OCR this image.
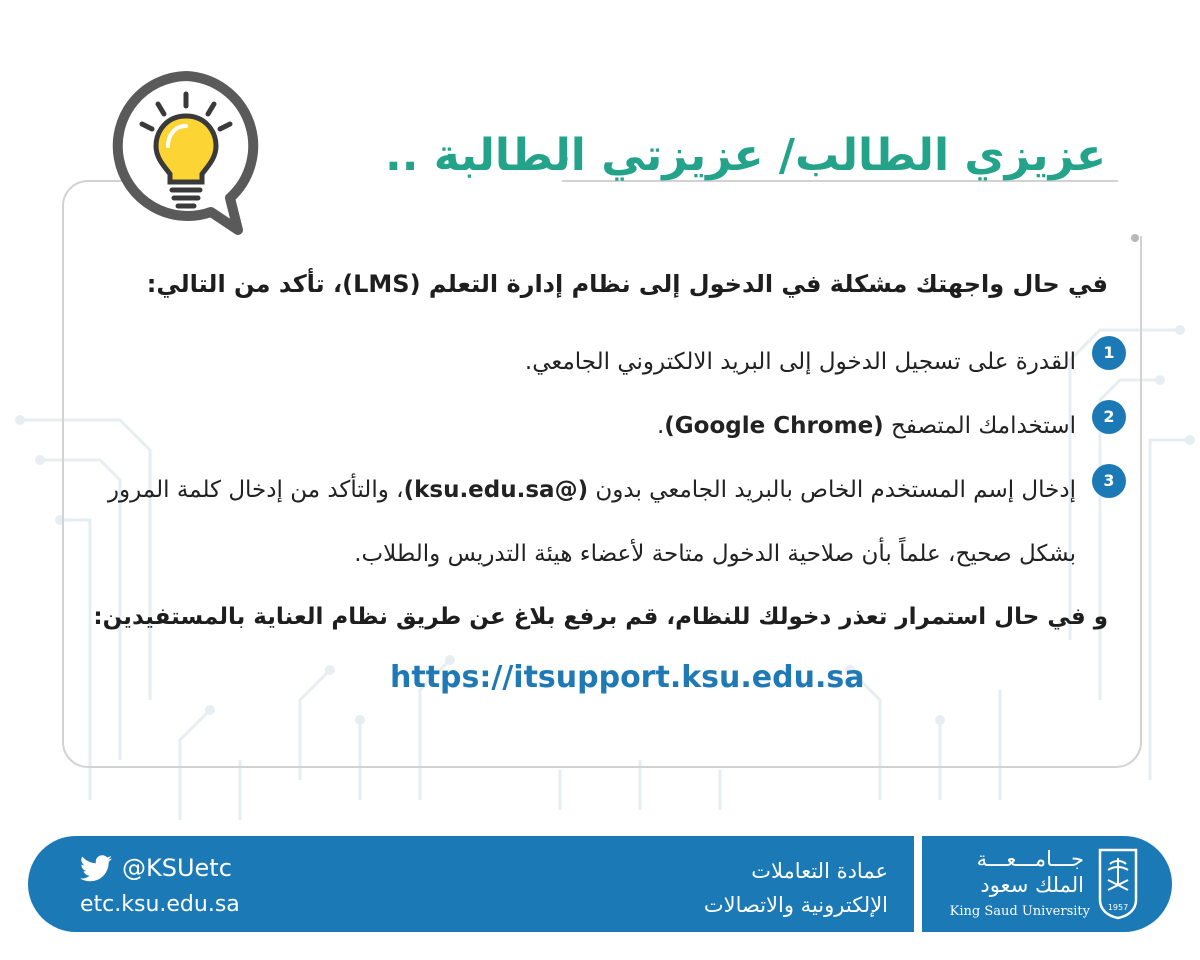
عزيزي الطالب/ عزيزتي الطالبة ..

في حال واجهتك مشكلة في الدخول إلى نظام إدارة التعلم (LMS)، تأكد من التالي:

1

القدرة على تسجيل الدخول إلى البريد الالكتروني الجامعي.

2

استخدامك المتصفح (Google Chrome).

3

إدخال إسم المستخدم الخاص بالبريد الجامعي بدون (@ksu.edu.sa)، والتأكد من إدخال كلمة المرور بشكل صحيح، علماً بأن صلاحية الدخول متاحة لأعضاء هيئة التدريس والطلاب.

و في حال استمرار تعذر دخولك للنظام، قم برفع بلاغ عن طريق نظام العناية بالمستفيدين:

https://itsupport.ksu.edu.sa

@KSUetc
etc.ksu.edu.sa
عمادة التعاملات
الإلكترونية والاتصالات
جـــامـــعـــة
الملك سعود
King Saud University 1957
